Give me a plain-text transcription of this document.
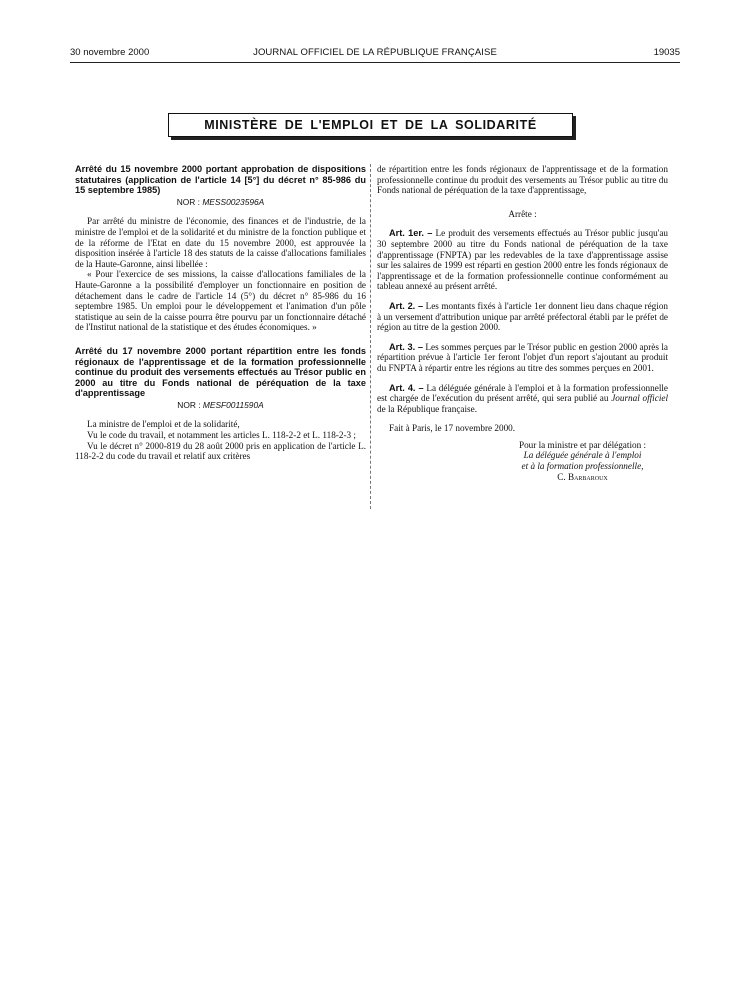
30 novembre 2000	JOURNAL OFFICIEL DE LA RÉPUBLIQUE FRANÇAISE	19035
MINISTÈRE DE L'EMPLOI ET DE LA SOLIDARITÉ
Arrêté du 15 novembre 2000 portant approbation de dispositions statutaires (application de l'article 14 [5°] du décret n° 85-986 du 15 septembre 1985)
NOR : MESS0023596A

Par arrêté du ministre de l'économie, des finances et de l'industrie, de la ministre de l'emploi et de la solidarité et du ministre de la fonction publique et de la réforme de l'Etat en date du 15 novembre 2000, est approuvée la disposition insérée à l'article 18 des statuts de la caisse d'allocations familiales de la Haute-Garonne, ainsi libellée :

« Pour l'exercice de ses missions, la caisse d'allocations familiales de la Haute-Garonne a la possibilité d'employer un fonctionnaire en position de détachement dans le cadre de l'article 14 (5°) du décret n° 85-986 du 16 septembre 1985. Un emploi pour le développement et l'animation d'un pôle statistique au sein de la caisse pourra être pourvu par un fonctionnaire détaché de l'Institut national de la statistique et des études économiques. »

Arrêté du 17 novembre 2000 portant répartition entre les fonds régionaux de l'apprentissage et de la formation professionnelle continue du produit des versements effectués au Trésor public en 2000 au titre du Fonds national de péréquation de la taxe d'apprentissage
NOR : MESF0011590A

La ministre de l'emploi et de la solidarité,

Vu le code du travail, et notamment les articles L. 118-2-2 et L. 118-2-3 ;

Vu le décret n° 2000-819 du 28 août 2000 pris en application de l'article L. 118-2-2 du code du travail et relatif aux critères

de répartition entre les fonds régionaux de l'apprentissage et de la formation professionnelle continue du produit des versements au Trésor public au titre du Fonds national de péréquation de la taxe d'apprentissage,

Arrête :

Art. 1er. – Le produit des versements effectués au Trésor public jusqu'au 30 septembre 2000 au titre du Fonds national de péréquation de la taxe d'apprentissage (FNPTA) par les redevables de la taxe d'apprentissage assise sur les salaires de 1999 est réparti en gestion 2000 entre les fonds régionaux de l'apprentissage et de la formation professionnelle continue conformément au tableau annexé au présent arrêté.

Art. 2. – Les montants fixés à l'article 1er donnent lieu dans chaque région à un versement d'attribution unique par arrêté préfectoral établi par le préfet de région au titre de la gestion 2000.

Art. 3. – Les sommes perçues par le Trésor public en gestion 2000 après la répartition prévue à l'article 1er feront l'objet d'un report s'ajoutant au produit du FNPTA à répartir entre les régions au titre des sommes perçues en 2001.

Art. 4. – La déléguée générale à l'emploi et à la formation professionnelle est chargée de l'exécution du présent arrêté, qui sera publié au Journal officiel de la République française.

Fait à Paris, le 17 novembre 2000.

Pour la ministre et par délégation :
La déléguée générale à l'emploi
et à la formation professionnelle,
C. Barbaroux
